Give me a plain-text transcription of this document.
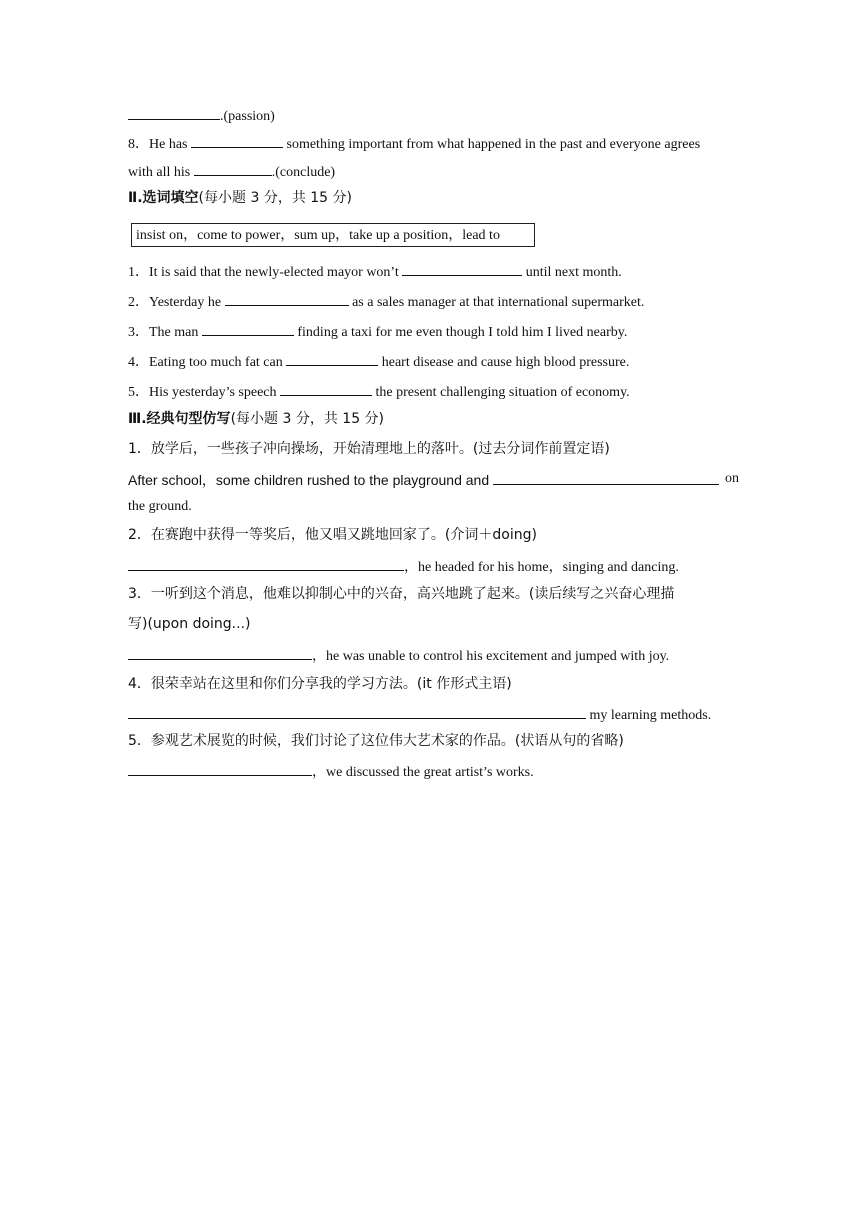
.(passion)
8．He has	something important from what happened in the past and everyone agrees
with all his	.(conclude)
Ⅱ.选词填空(每小题 3 分，共 15 分)
insist on，come to power，sum up，take up a position，lead to
1．It is said that the newly-elected mayor won’t	until next month.
2．Yesterday he	as a sales manager at that international supermarket.
3．The man	finding a taxi for me even though I told him I lived nearby.
4．Eating too much fat can	heart disease and cause high blood pressure.
5．His yesterday’s speech	the present challenging situation of economy.
Ⅲ.经典句型仿写(每小题 3 分，共 15 分)
1．放学后，一些孩子冲向操场，开始清理地上的落叶。(过去分词作前置定语)
After school，some children rushed to the playground and	on
the ground.
2．在赛跑中获得一等奖后，他又唱又跳地回家了。(介词＋doing)
，he headed for his home，singing and dancing.
3．一听到这个消息，他难以抑制心中的兴奋，高兴地跳了起来。(读后续写之兴奋心理描
写)(upon doing...)
，he was unable to control his excitement and jumped with joy.
4．很荣幸站在这里和你们分享我的学习方法。(it 作形式主语)
my learning methods.
5．参观艺术展览的时候，我们讨论了这位伟大艺术家的作品。(状语从句的省略)
，we discussed the great artist’s works.
